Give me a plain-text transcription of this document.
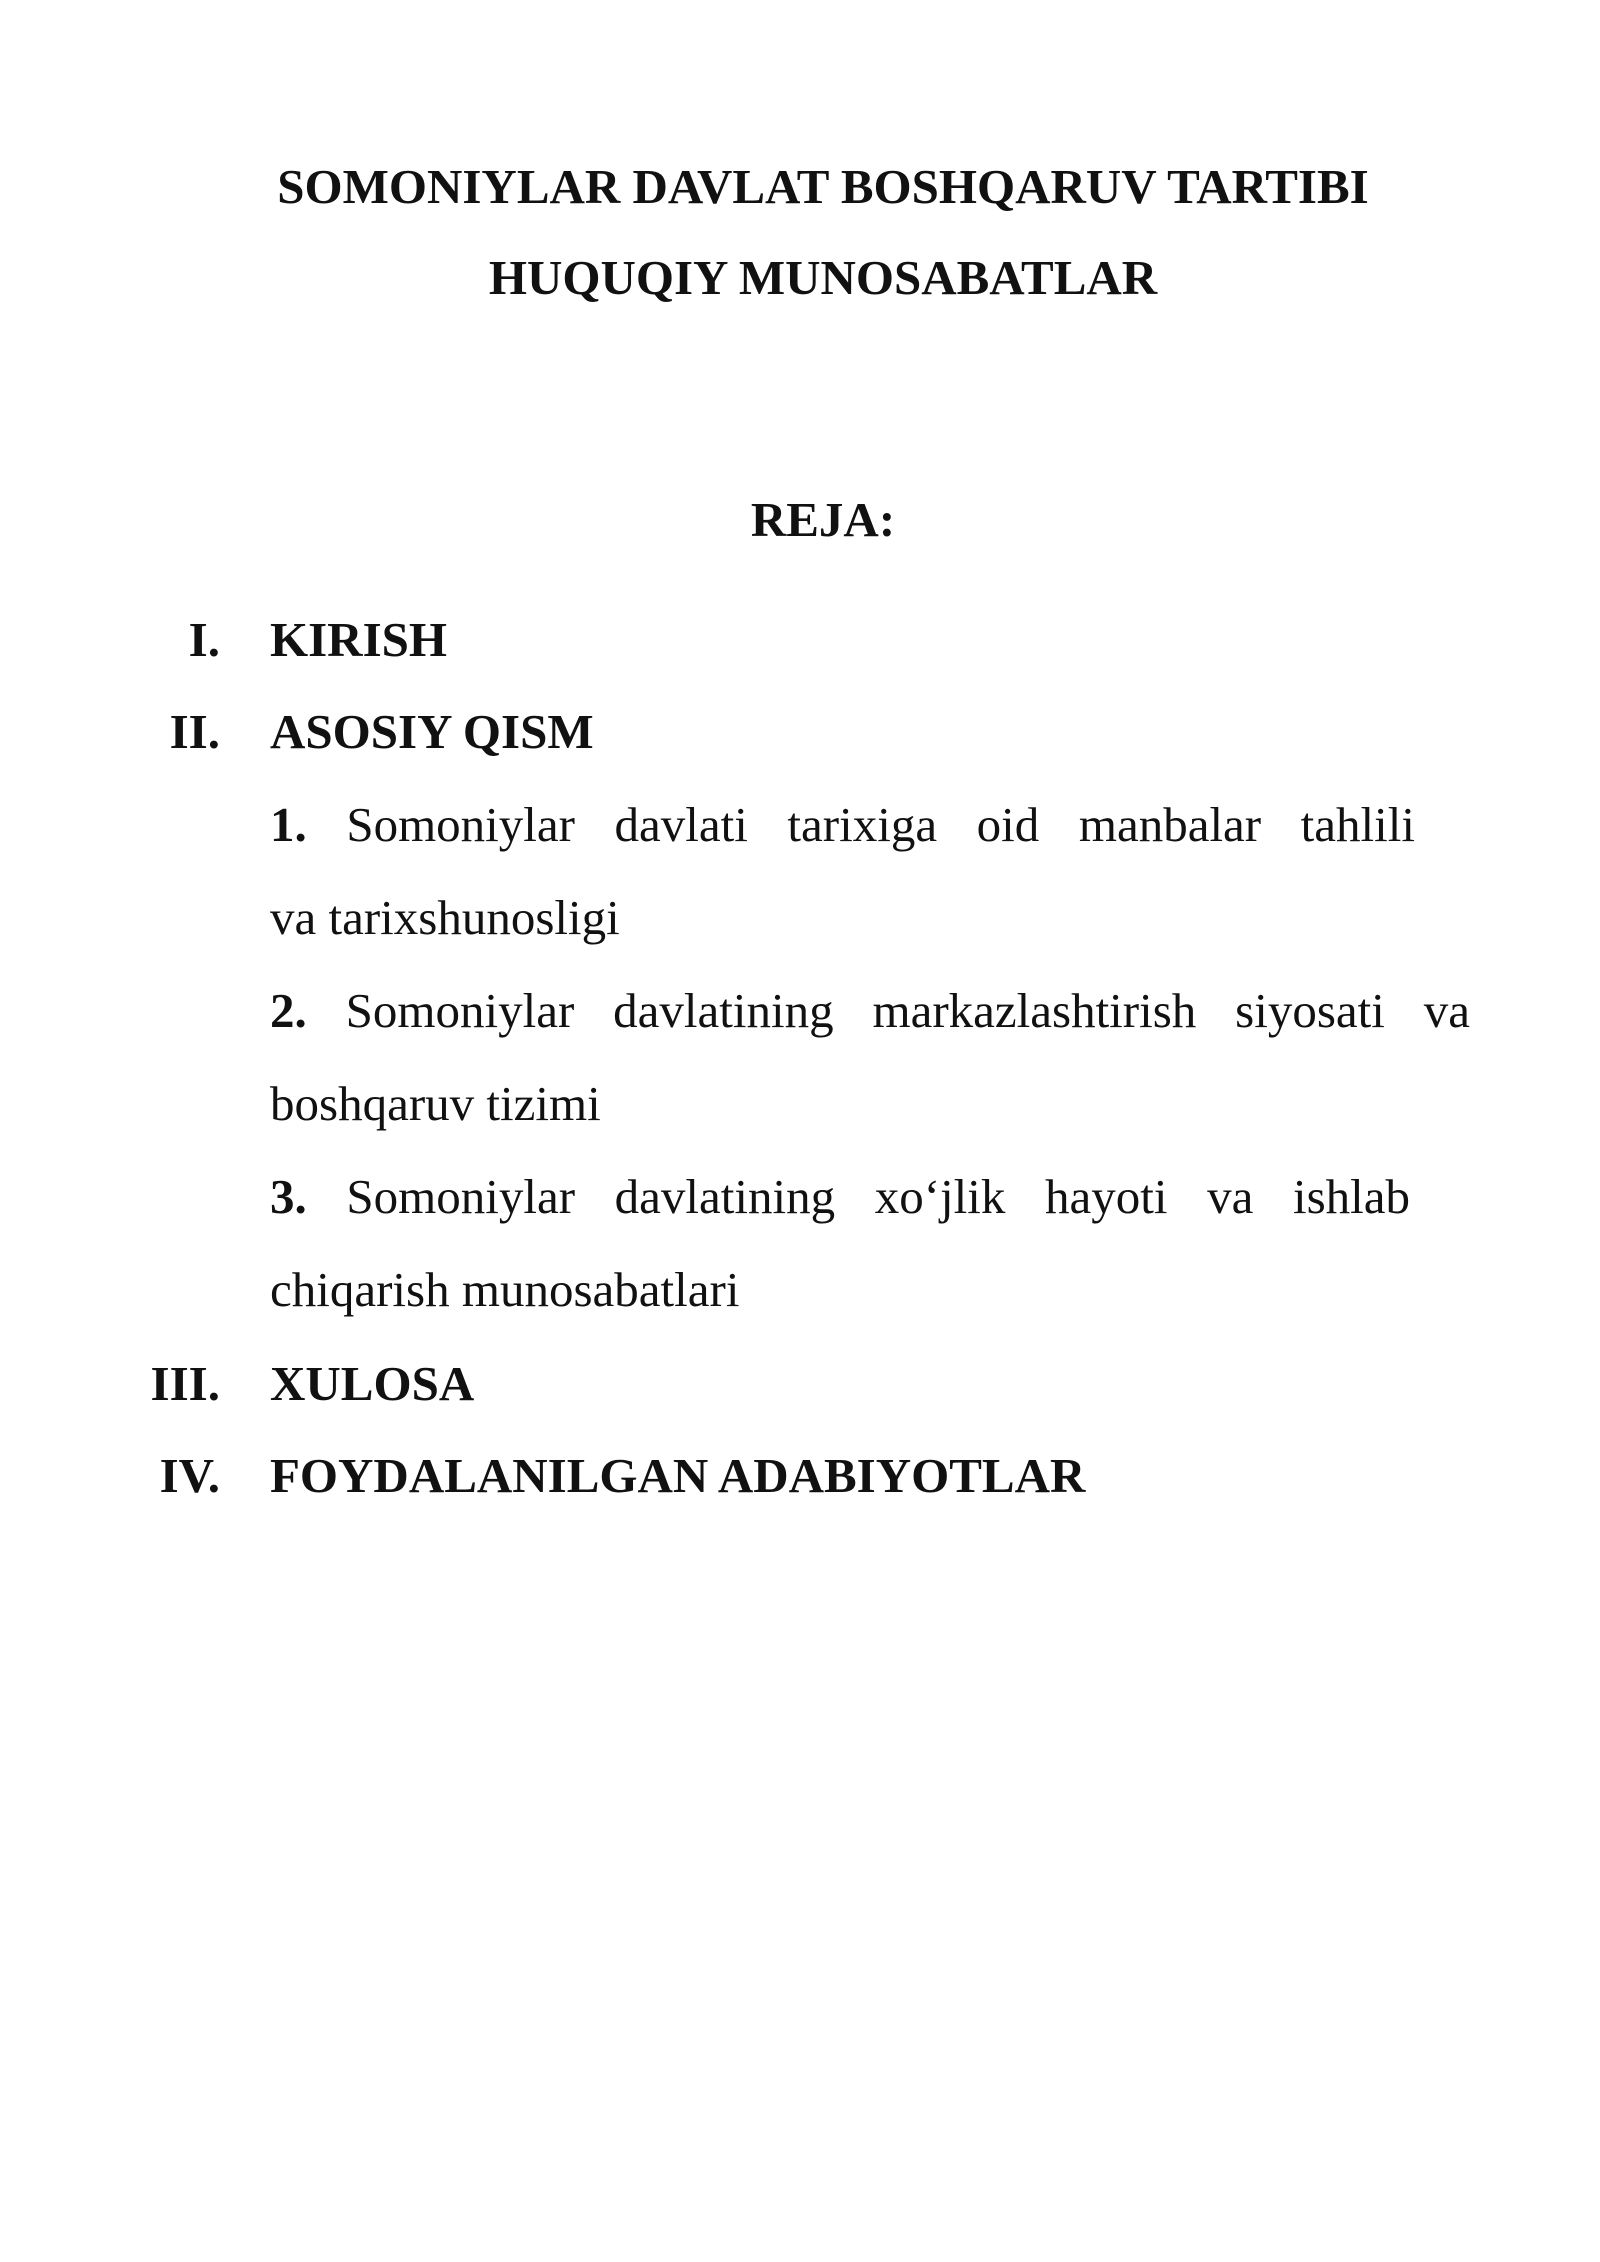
SOMONIYLAR DAVLAT BOSHQARUV TARTIBI
HUQUQIY MUNOSABATLAR
REJA:
I. KIRISH
II. ASOSIY QISM
1. Somoniylar davlati tarixiga oid manbalar tahlili
va tarixshunosligi
2. Somoniylar davlatining markazlashtirish siyosati va
boshqaruv tizimi
3. Somoniylar davlatining xo‘jlik hayoti va ishlab
chiqarish munosabatlari
III. XULOSA
IV. FOYDALANILGAN ADABIYOTLAR
